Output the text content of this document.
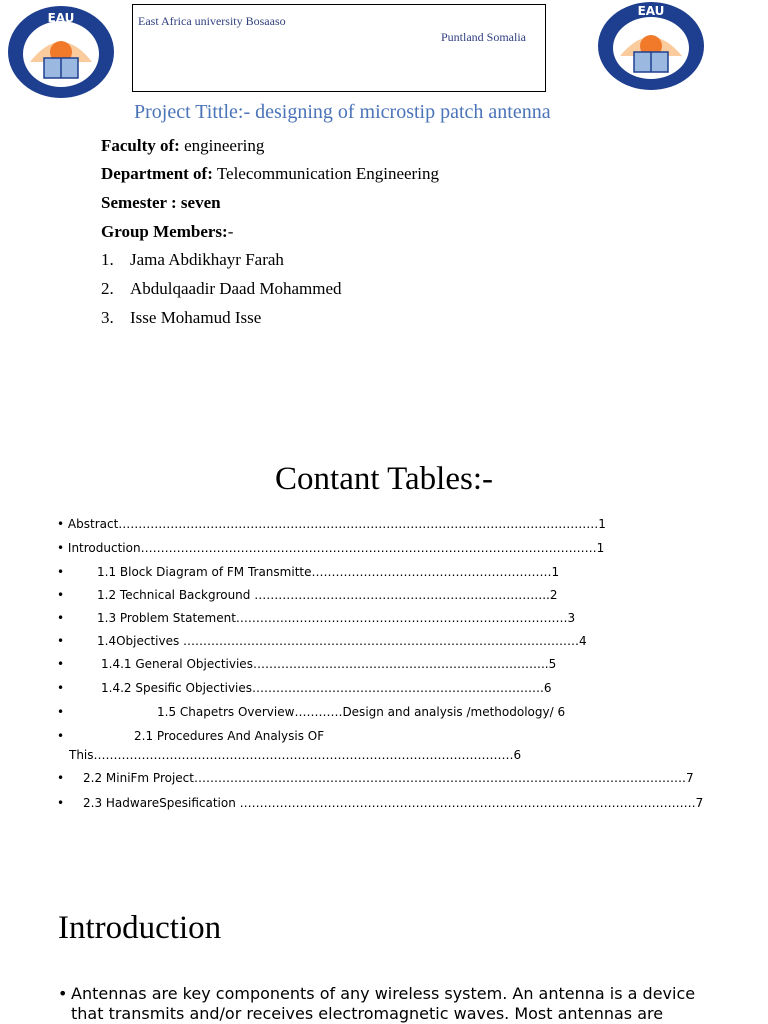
EAU	East Africa university Bosaaso
Puntland Somalia
EAU
Project Tittle:- designing of microstip patch antenna
Faculty of: engineering
Department of: Telecommunication Engineering
Semester : seven
Group Members:-
1. Jama Abdikhayr Farah
2. Abdulqaadir Daad Mohammed
3. Isse Mohamud Isse
Contant Tables:-
• Abstract…………………………………………………………………………………………………………1
• Introduction……………………………………………………………………………………………………1
•	1.1 Block Diagram of FM Transmitte……………………………………………………1
•	1.2 Technical Background ………………………………………………………………..2
•	1.3 Problem Statement…………..……………………………………………………………3
•	1.4Objectives ………………………………………………………………………………………4
•	1.4.1 General Objectivies………………………………………………………………..5
•	1.4.2 Spesific Objectivies……………………………………………………………….6
•	1.5 Chapetrs Overview…………Design and analysis /methodology/ 6
•	2.1 Procedures And Analysis OF
This……………………………………………………………………………………………6
• 2.2 MiniFm Project……………………………………………………………………………………………………………7
• 2.3 HadwareSpesification ……………………………………………………………………………………………………7
Introduction
• Antennas are key components of any wireless system. An antenna is a device
that transmits and/or receives electromagnetic waves. Most antennas are
